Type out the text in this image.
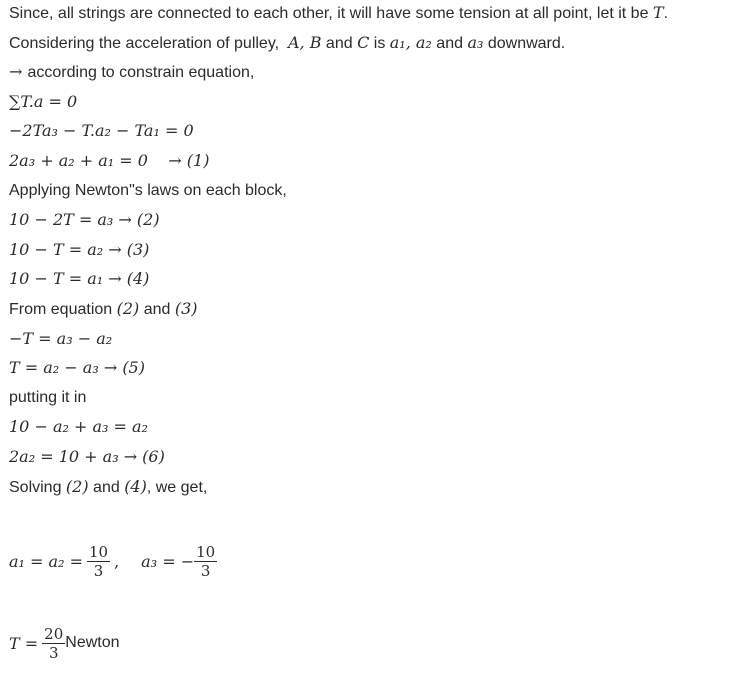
Since, all strings are connected to each other, it will have some tension at all point, let it be T.
Considering the acceleration of pulley,  A, B and C is a₁, a₂ and a₃ downward.
→ according to constrain equation,
∑T.a = 0
−2Ta₃ − T.a₂ − Ta₁ = 0
2a₃ + a₂ + a₁ = 0    → (1)
Applying Newton"s laws on each block,
10 − 2T = a₃ → (2)
10 − T = a₂ → (3)
10 − T = a₁ → (4)
From equation (2) and (3)
−T = a₃ − a₂
T = a₂ − a₃ → (5)
putting it in
10 − a₂ + a₃ = a₂
2a₂ = 10 + a₃ → (6)
Solving (2) and (4), we get,
$a_1 = a_2 = \frac{10}{3}$ , a₃ = − $\frac{10}{3}$
$T = \frac{20}{3}$ Newton
